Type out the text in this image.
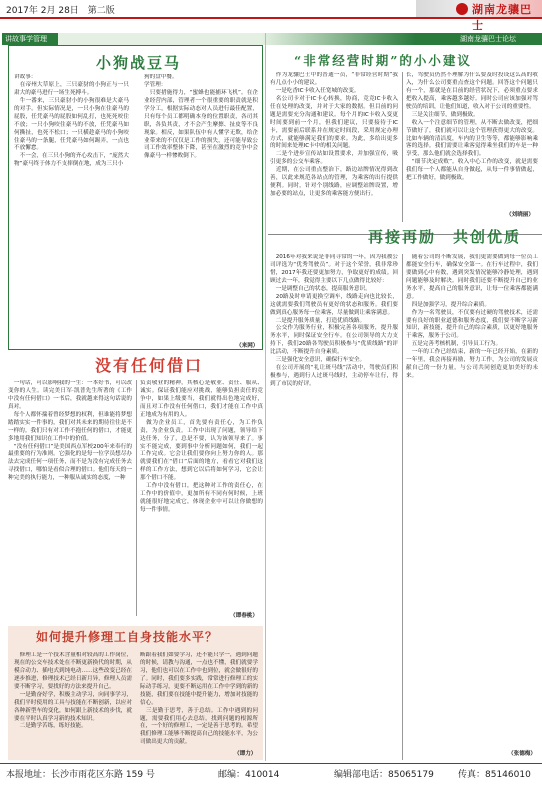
2017年 2月 28日　第二版	湖南龙骧巴士
讲故事学管理	湖南龙骧巴士论坛
小狗战豆马
讲故事：
　在帝州大草原上，三只豪豺的小狗正与一只肃大的豪马进行一场生死搏斗。
　牛一番来，三只豪豺小的小狗很难是大豪马的对手。但实际情况是，一只小狗在住豪马的屁股，任凭豪马的屁股如何乱打，也死死咬住不放；一只小狗咬住豪马的不放，任凭豪马如何撕扯，也死不松口；一只横趁豪马的小狗咬住豪马的一条腿，任凭豪马如何踢弄，一点也不放懈怠。
　不一会，在三只小狗的齐心攻击下，“庞然大物”豪马终于体力不支摔倒在地，成为三只小
狗的盘中餐。
学管理：
　只要措施得力，“蜜蜂也能捕环飞机”。在企业经营内部，管理者一个很重要的职责就是积学分工，根据实际动态对人员进行最佳配置，只有每个员工都明确本身的位置职责，各司其职，各负其责，才不会产生摩擦、扯皮等不良现象。相反，如果队伍中有人懂学无欺，给企业带来的不仅仅是工作的损失，还可能导致公司工作效率整体下降，甚至在激烈的竞争中会像豪马一样惨败倒下。
（来网）
没有任何借口
　一句话，可以影响我的一生：一本好书，可以改变你的人生。读完美日军·凯普先生所著的《工作中没有任何借口》一书后，我就越来得这句话说的真对。
　每个人都怀揣着曾经梦想的权利，但谁能将梦想踏踏实实一件事的，我们对其未来的期待往往是不一样的。我们只有对工作不抱任何的借口，才能更多地用我们知识在工作中的价值。
　“没有任何借口”是美国西点军校200年来奉行的最重要的行为准则。它强化的是每一位学员想尽办法去完成任何一项任务，而不是为没有完成任务去寻找借口，哪怕是看似合理的借口。他们每天的一种完美的执行能力，一种服从诚实的态度，一种
负责敬业的精神，其核心是敬业、责任、服从、诚实。保证我们能应对挑战，能够负担责任的竞争中，如果上级要当，我们就得出色地完成好，而且对工作没有任何借口，我们才能在工作中真正地成为有用的人。
　做为企业员工，首先要有责任心，为工作负责，为企业负责。工作中出现了问题，领导给下达任务，分了，总是不要，认为该领导来了。事实不能完成，要到事中分析问题如何，我们一起工作完成。它会让我们要你向上努力你的人。那就要我们在“借口”后面的地方，看看它对我们这样的工作方法，想到它以后将如何学习，它会让那个借口不能。
　工作中没有借口，把这种对工作的责任心，在工作中的价值中，更加所有不同有何时候，上班就能很好地完成它，体现企业中可以让你做想的每一件事情。
（谭春桃）
如何提升修理工自身技能水平？
　修理工是一个技术含量相对较高的工作岗位，现在的公交车技术处在不断更新换代的时期，从模合动力、插电式到纯电动……这些改变已经在逐步推进，修理技术已经日新月异，修理人员需要不断学习，要找好的方法来提升自己。
　一是勤奋好学，积极主动学习，向同事学习，我们平时使用的工具与技能在不断创新，以应对各种新型车的变化，如何跟上新技术的步伐，就要在平时认真学习新的技术知识。
　二是勤学苦练，练好技能。
断跟着我们如要学习，还不能只学一，遇到问题的时候，请教与沟通，一点也不懂，我们就要学习，他们也可以在工作中也到位，就会做很好的了。同时，我们要多实践，常常进行修理工的实际动手练习，更要不断运用在工作中学到的新的技能，我们要在技能中提升能力，增加对技能的信心。
　三是勤于思考，善于总结。工作中遇到的问题，需要我们用心去总结，找到问题的根源所在，一个好的修理工，一定是善于思考的。希望我们修理工能够不断提高自己的技能水平，为公司做出更大的贡献。
（谭力）
“非常经营时期”的小小建议
　作为龙骧巴士中的普通一员，“非常经营时期”我有几点小小的建议。
　一是吃香IC卡收入任宽城的改变。
　名公司卡对于IC卡心转换，协商，竞竞IC卡收入任在处理的改变，并对于大家的数据。但目前的问题是需要充分沟通和建议。每个月的IC卡收入变更时间要到前一个月，但我们建议，只要接待于IC卡，需要前后联系并在规定时间段，采用规定办理方式，就能够满足我们的要求。为此，多给出更多的时间来处理IC卡中的相关问题。
　二是个进步宣传站如设置要求，并加强宣传，吸引更多的公交车乘客。
　近期，在公司重点整治下，路边站牌情况得到改善，以此来规范各站点的管理，为乘客的出行提供便利。同时，针对个别线路，应调整站牌设置，增加必要的站点，让更多的乘客能方便出行。
长，驾驶员仍然不理解为什么要及时投设这么高的收入，为什么公司要重点查这个问题。回答这个问题只有一个，那就是在目前的经营状况下，必须重点要求把收入提高，乘客越多越好。同时公司应该加强对驾驶员的培训，让他们知道，收入对于公司的重要性。
　三是关注细节，做到极致。
　收入一个注意细节的管理，从不断去做改变，把细节做好了，我们就可以让这个管理获得更大的改变。比如车辆的清洁度，车内的卫生等等，都能够影响乘客的选择。我们需要让乘客觉得乘坐我们的车是一种享受，那么他们就会选择我们。
　“细节决定成败”。收入中心工作的改变，就是需要我们每一个人都能从自身做起，从每一件事情做起，把工作做好，做到极致。
（刘晓丽）
再接再励　共创优质
　2016年对我来说是非同寻常的一年，因为我被公司评选为“优秀驾驶员”。对于这个荣誉，我非常珍惜，2017年我还要更加努力，争取更好的成绩。回顾过去一年，我觉得主要以下几点做得比较好：
　一是调整自己的状态，提高服务意识。
　20路及时申请更换空调车，线路走向也比较长，这就需要我们驾驶员有更好的状态和服务。我们要做到真心服务每一位乘客，尽量做到让乘客满意。
　二是提升服务质量，打造优质线路。
　公交作为服务行业，积极完善各项服务，提升服务水平，同时保证安全行车。在公司领导的大力支持下，我们20路各驾驶员积极参与“优质线路”的评比活动，不断提升自身素质。
　三是强化安全意识，确保行车安全。
　在公司开展的“礼让斑马线”活动中，驾驶员们积极参与，遇到行人过斑马线时，主动停车让行，得到了市民的好评。
　随着公司的不断发展，我们更需要做到每一位员工都能安全行车，确保安全第一。在行车过程中，我们要做到心中有数，遇到突发情况能够冷静处理，遇到问题能够及时解决。同时我们还要不断提升自己的业务水平，提高自己的服务意识，让每一位乘客都能满意。
　四是加强学习，提升综合素质。
　作为一名驾驶员，不仅要有过硬的驾驶技术，还需要有良好的职业道德和服务态度，我们要不断学习新知识，新技能，提升自己的综合素质，以更好地服务于乘客，服务于公司。
　五是完善考核机制，引导员工行为。
　一年的工作已经结束，新的一年已经开始，在新的一年里，我会再接再励，努力工作，为公司的发展贡献自己的一份力量，与公司共同创造更加美好的未来。
（张德梅）
本报地址：长沙市雨花区东路 159 号	邮编：410014	编辑部电话：85065179	传真：85146010
